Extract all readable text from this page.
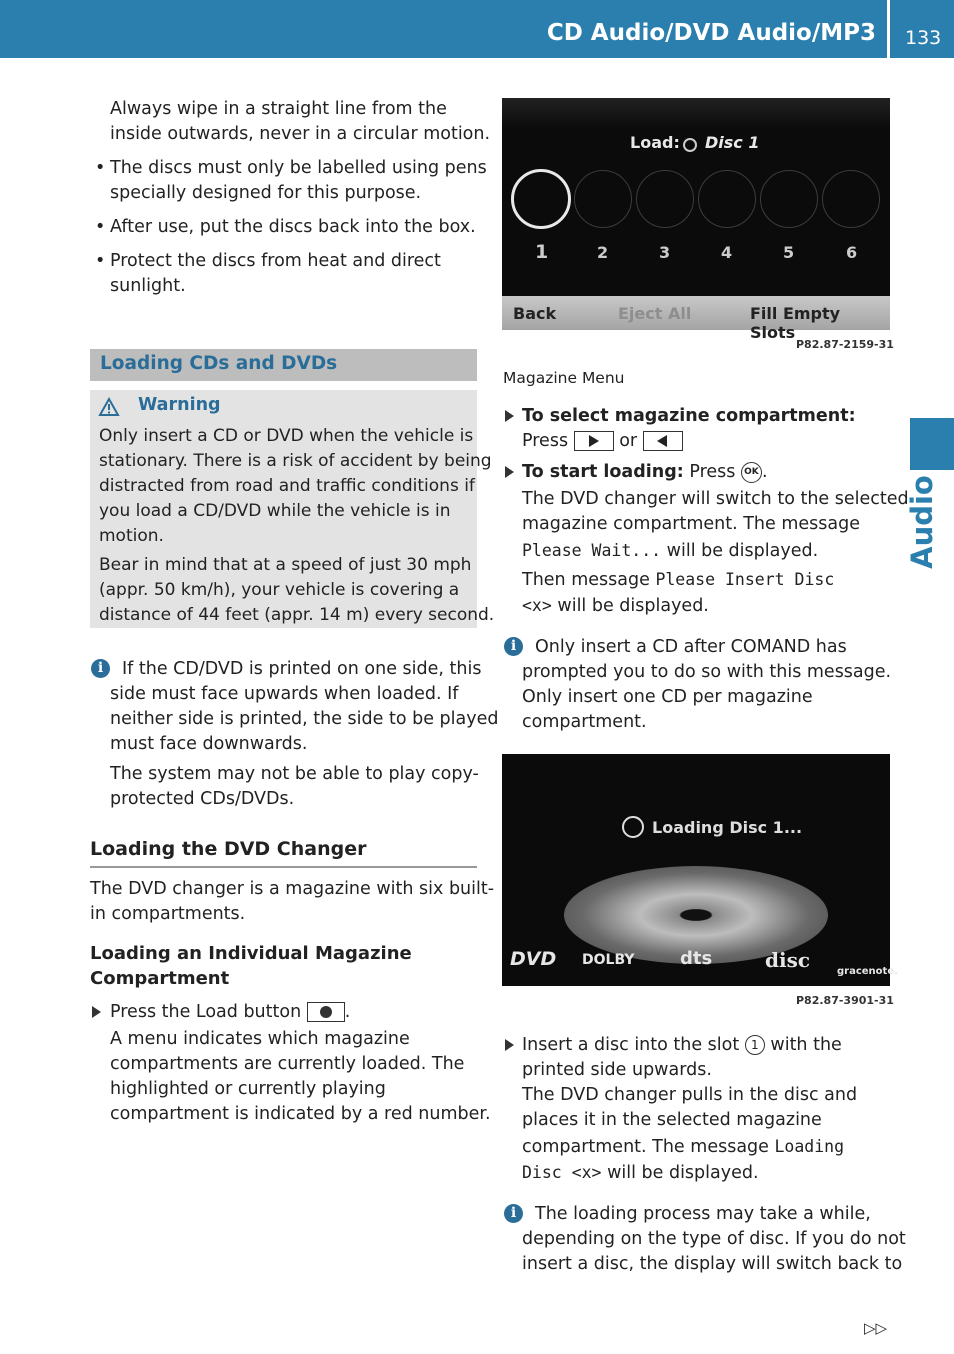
CD Audio/DVD Audio/MP3 133
Audio
Always wipe in a straight line from the
inside outwards, never in a circular motion.
• The discs must only be labelled using pens
specially designed for this purpose.
• After use, put the discs back into the box.
• Protect the discs from heat and direct
sunlight.
Loading CDs and DVDs
Warning
Only insert a CD or DVD when the vehicle is
stationary. There is a risk of accident by being
distracted from road and traffic conditions if
you load a CD/DVD while the vehicle is in
motion.
Bear in mind that at a speed of just 30 mph
(appr. 50 km/h), your vehicle is covering a
distance of 44 feet (appr. 14 m) every second.
i	If the CD/DVD is printed on one side, this
side must face upwards when loaded. If
neither side is printed, the side to be played
must face downwards.
The system may not be able to play copy-
protected CDs/DVDs.
Loading the DVD Changer
The DVD changer is a magazine with six built-
in compartments.
Loading an Individual Magazine
Compartment
Press the Load button .
A menu indicates which magazine
compartments are currently loaded. The
highlighted or currently playing
compartment is indicated by a red number.
Load: Disc 1
1	2	3	4	5	6
Back	Eject All	Fill Empty Slots
P82.87-2159-31
Magazine Menu
To select magazine compartment:
Press	or
To start loading: Press OK .
The DVD changer will switch to the selected
magazine compartment. The message
Please Wait... will be displayed.
Then message Please Insert Disc
<x> will be displayed.
i	Only insert a CD after COMAND has
prompted you to do so with this message.
Only insert one CD per magazine
compartment.
Loading Disc 1...
DVD DOLBY	dts	disc	gracenote.
P82.87-3901-31
Insert a disc into the slot 1 with the
printed side upwards.
The DVD changer pulls in the disc and
places it in the selected magazine
compartment. The message Loading
Disc <x> will be displayed.
i	The loading process may take a while,
depending on the type of disc. If you do not
insert a disc, the display will switch back to
▷▷
